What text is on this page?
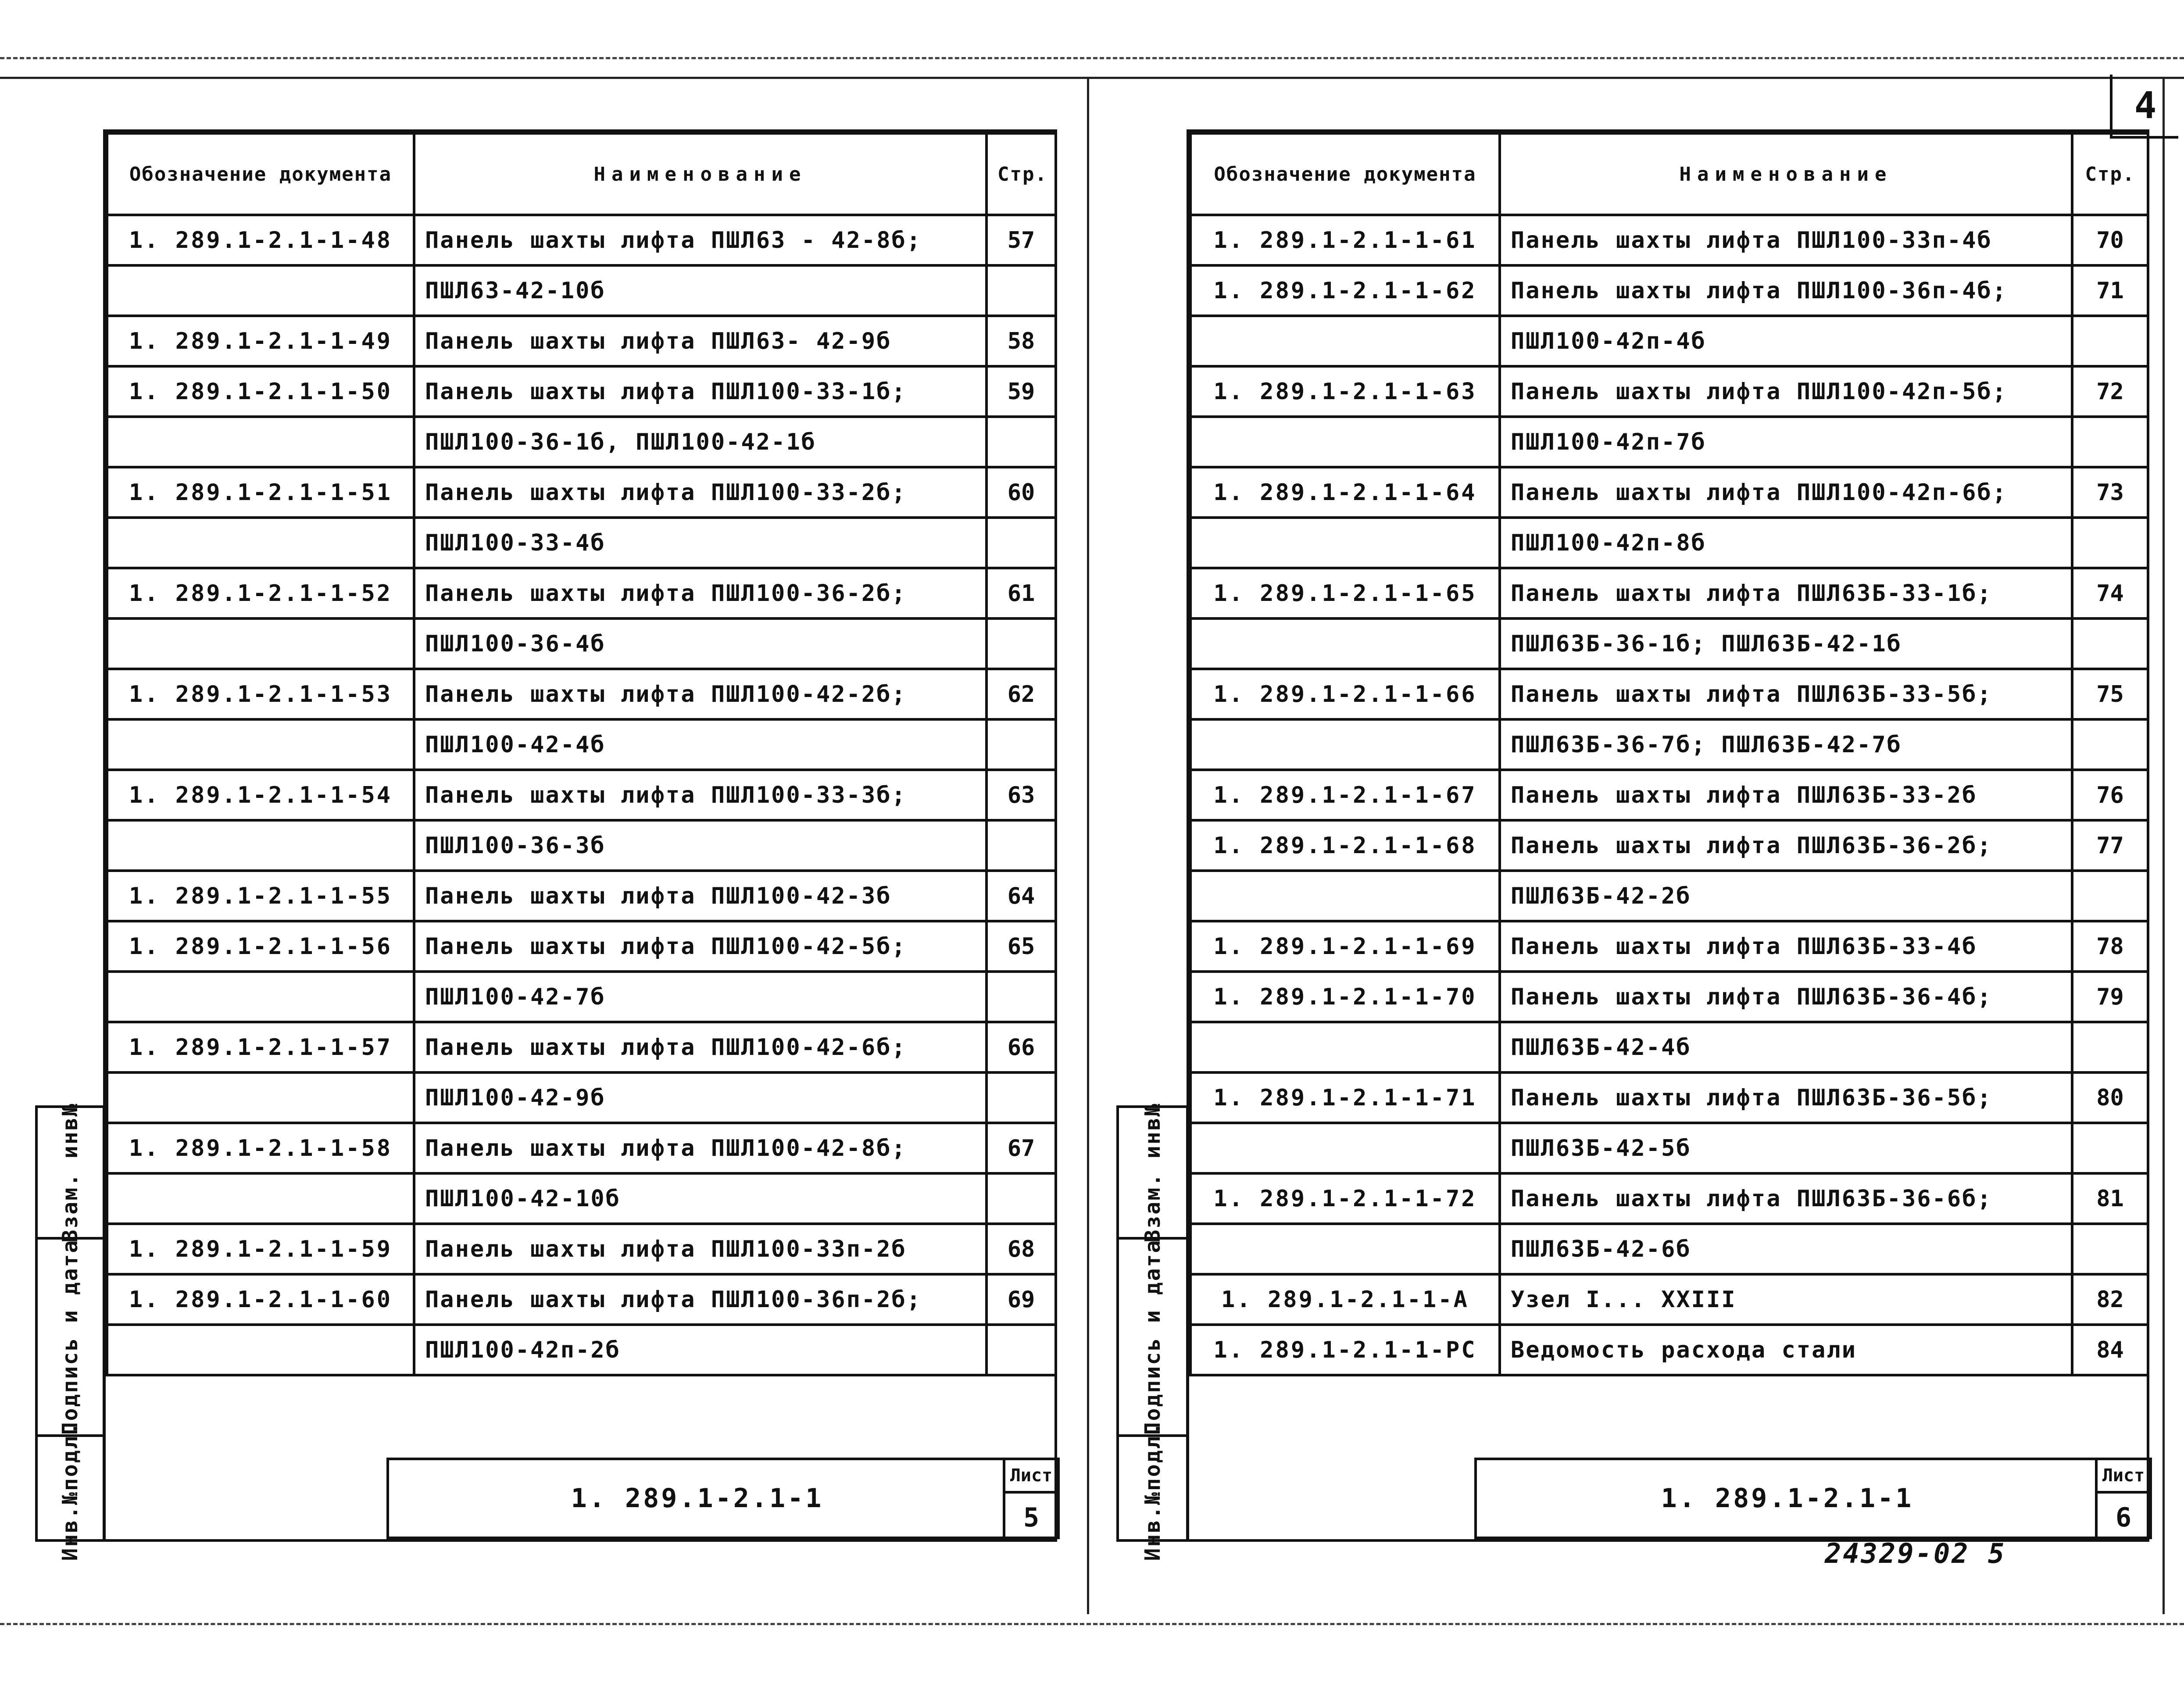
4
Обозначение документа	Наименование	Стр.
1. 289.1-2.1-1-48	Панель шахты лифта ПШЛ63 - 42-8б;	57
	ПШЛ63-42-10б	
1. 289.1-2.1-1-49	Панель шахты лифта ПШЛ63- 42-9б	58
1. 289.1-2.1-1-50	Панель шахты лифта ПШЛ100-33-1б;	59
	ПШЛ100-36-1б, ПШЛ100-42-1б	
1. 289.1-2.1-1-51	Панель шахты лифта ПШЛ100-33-2б;	60
	ПШЛ100-33-4б	
1. 289.1-2.1-1-52	Панель шахты лифта ПШЛ100-36-2б;	61
	ПШЛ100-36-4б	
1. 289.1-2.1-1-53	Панель шахты лифта ПШЛ100-42-2б;	62
	ПШЛ100-42-4б	
1. 289.1-2.1-1-54	Панель шахты лифта ПШЛ100-33-3б;	63
	ПШЛ100-36-3б	
1. 289.1-2.1-1-55	Панель шахты лифта ПШЛ100-42-3б	64
1. 289.1-2.1-1-56	Панель шахты лифта ПШЛ100-42-5б;	65
	ПШЛ100-42-7б	
1. 289.1-2.1-1-57	Панель шахты лифта ПШЛ100-42-6б;	66
	ПШЛ100-42-9б	
1. 289.1-2.1-1-58	Панель шахты лифта ПШЛ100-42-8б;	67
	ПШЛ100-42-10б	
1. 289.1-2.1-1-59	Панель шахты лифта ПШЛ100-33п-2б	68
1. 289.1-2.1-1-60	Панель шахты лифта ПШЛ100-36п-2б;	69
	ПШЛ100-42п-2б	
1. 289.1-2.1-1
Лист
5
Взам. инв№
Подпись и дата
Инв.№подл.
Обозначение документа	Наименование	Стр.
1. 289.1-2.1-1-61	Панель шахты лифта ПШЛ100-33п-4б	70
1. 289.1-2.1-1-62	Панель шахты лифта ПШЛ100-36п-4б;	71
	ПШЛ100-42п-4б	
1. 289.1-2.1-1-63	Панель шахты лифта ПШЛ100-42п-5б;	72
	ПШЛ100-42п-7б	
1. 289.1-2.1-1-64	Панель шахты лифта ПШЛ100-42п-6б;	73
	ПШЛ100-42п-8б	
1. 289.1-2.1-1-65	Панель шахты лифта ПШЛ63Б-33-1б;	74
	ПШЛ63Б-36-1б; ПШЛ63Б-42-1б	
1. 289.1-2.1-1-66	Панель шахты лифта ПШЛ63Б-33-5б;	75
	ПШЛ63Б-36-7б; ПШЛ63Б-42-7б	
1. 289.1-2.1-1-67	Панель шахты лифта ПШЛ63Б-33-2б	76
1. 289.1-2.1-1-68	Панель шахты лифта ПШЛ63Б-36-2б;	77
	ПШЛ63Б-42-2б	
1. 289.1-2.1-1-69	Панель шахты лифта ПШЛ63Б-33-4б	78
1. 289.1-2.1-1-70	Панель шахты лифта ПШЛ63Б-36-4б;	79
	ПШЛ63Б-42-4б	
1. 289.1-2.1-1-71	Панель шахты лифта ПШЛ63Б-36-5б;	80
	ПШЛ63Б-42-5б	
1. 289.1-2.1-1-72	Панель шахты лифта ПШЛ63Б-36-6б;	81
	ПШЛ63Б-42-6б	
1. 289.1-2.1-1-А	Узел I... XXIII	82
1. 289.1-2.1-1-РС	Ведомость расхода стали	84
1. 289.1-2.1-1
Лист
6
Взам. инв№
Подпись и дата
Инв.№подл.	24329-02 5
